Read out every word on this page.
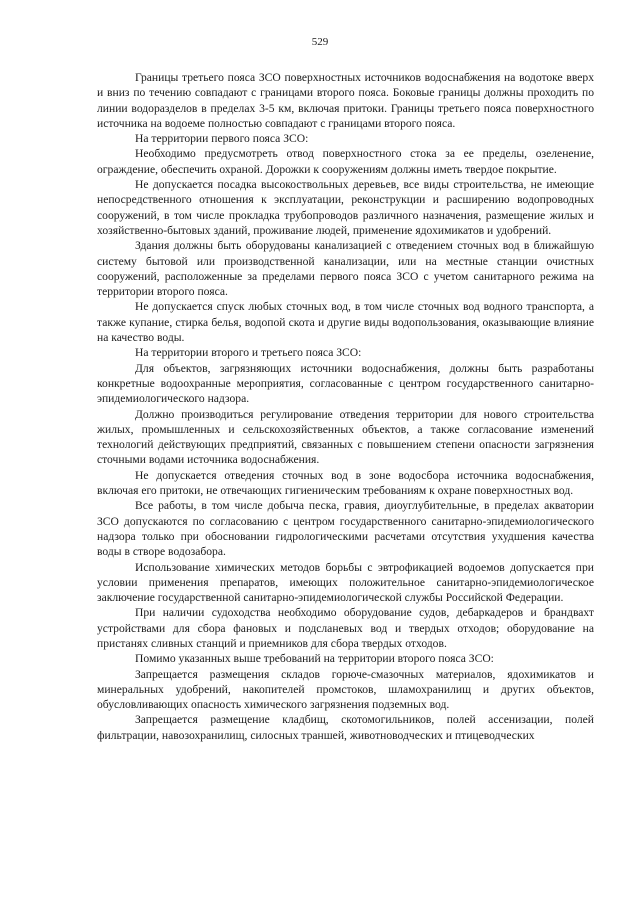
529

Границы третьего пояса ЗСО поверхностных источников водоснабжения на водотоке вверх и вниз по течению совпадают с границами второго пояса. Боковые границы должны проходить по линии водоразделов в пределах 3-5 км, включая притоки. Границы третьего пояса поверхностного источника на водоеме полностью совпадают с границами второго пояса.

На территории первого пояса ЗСО:

Необходимо предусмотреть отвод поверхностного стока за ее пределы, озеленение, ограждение, обеспечить охраной. Дорожки к сооружениям должны иметь твердое покрытие.

Не допускается посадка высокоствольных деревьев, все виды строительства, не имеющие непосредственного отношения к эксплуатации, реконструкции и расширению водопроводных сооружений, в том числе прокладка трубопроводов различного назначения, размещение жилых и хозяйственно-бытовых зданий, проживание людей, применение ядохимикатов и удобрений.

Здания должны быть оборудованы канализацией с отведением сточных вод в ближайшую систему бытовой или производственной канализации, или на местные станции очистных сооружений, расположенные за пределами первого пояса ЗСО с учетом санитарного режима на территории второго пояса.

Не допускается спуск любых сточных вод, в том числе сточных вод водного транспорта, а также купание, стирка белья, водопой скота и другие виды водопользования, оказывающие влияние на качество воды.

На территории второго и третьего пояса ЗСО:

Для объектов, загрязняющих источники водоснабжения, должны быть разработаны конкретные водоохранные мероприятия, согласованные с центром государственного санитарно-эпидемиологического надзора.

Должно производиться регулирование отведения территории для нового строительства жилых, промышленных и сельскохозяйственных объектов, а также согласование изменений технологий действующих предприятий, связанных с повышением степени опасности загрязнения сточными водами источника водоснабжения.

Не допускается отведения сточных вод в зоне водосбора источника водоснабжения, включая его притоки, не отвечающих гигиеническим требованиям к охране поверхностных вод.

Все работы, в том числе добыча песка, гравия, диоуглубительные, в пределах акватории ЗСО допускаются по согласованию с центром государственного санитарно-эпидемиологического надзора только при обосновании гидрологическими расчетами отсутствия ухудшения качества воды в створе водозабора.

Использование химических методов борьбы с эвтрофикацией водоемов допускается при условии применения препаратов, имеющих положительное санитарно-эпидемиологическое заключение государственной санитарно-эпидемиологической службы Российской Федерации.

При наличии судоходства необходимо оборудование судов, дебаркадеров и брандвахт устройствами для сбора фановых и подсланевых вод и твердых отходов; оборудование на пристанях сливных станций и приемников для сбора твердых отходов.

Помимо указанных выше требований на территории второго пояса ЗСО:

Запрещается размещения складов горюче-смазочных материалов, ядохимикатов и минеральных удобрений, накопителей промстоков, шламохранилищ и других объектов, обусловливающих опасность химического загрязнения подземных вод.

Запрещается размещение кладбищ, скотомогильников, полей ассенизации, полей фильтрации, навозохранилищ, силосных траншей, животноводческих и птицеводческих
